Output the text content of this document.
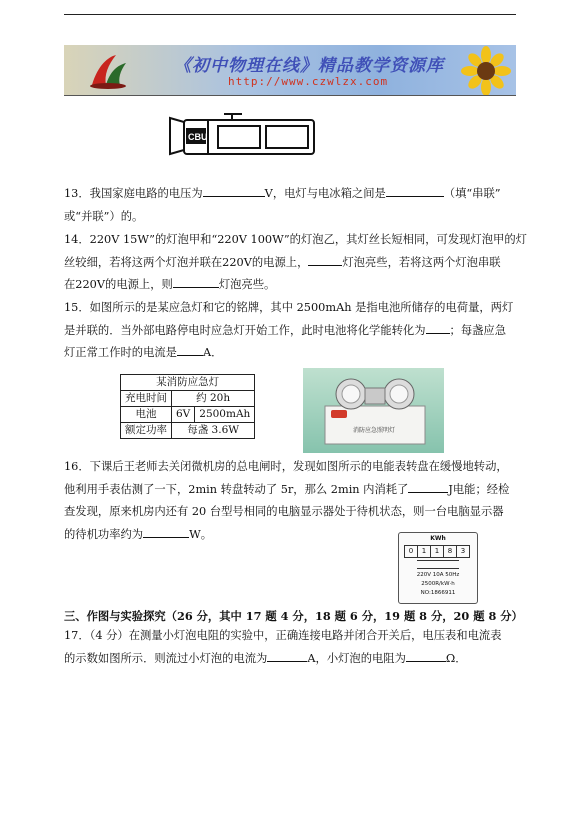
《初中物理在线》精品教学资源库
http://www.czwlzx.com
CBU
13．我国家庭电路的电压为	V，电灯与电冰箱之间是	（填“串联”
或“并联”）的。
14．220V 15W”的灯泡甲和“220V 100W”的灯泡乙，其灯丝长短相同，可发现灯泡甲的灯
丝较细，若将这两个灯泡并联在220V的电源上，	灯泡亮些，若将这两个灯泡串联
在220V的电源上，则	灯泡亮些。
15．如图所示的是某应急灯和它的铭牌，其中 2500mAh 是指电池所储存的电荷量，两灯
是并联的．当外部电路停电时应急灯开始工作，此时电池将化学能转化为 ；每盏应急
灯正常工作时的电流是 A．
某消防应急灯		
充电时间	约 20h	
电池	6V	2500mAh
额定功率	每盏 3.6W		消防应急照明灯
16．下课后王老师去关闭微机房的总电闸时，发现如图所示的电能表转盘在缓慢地转动，
他利用手表估测了一下，2min 转盘转动了 5r，那么 2min 内消耗了	J电能；经检
查发现，原来机房内还有 20 台型号相同的电脑显示器处于待机状态，则一台电脑显示器
的待机功率约为	W。	KWh
0	1	1	8	3
220V 10A 50Hz
2500R/kW·h
NO:1866911
三、作图与实验探究（26 分，其中 17 题 4 分，18 题 6 分，19 题 8 分，20 题 8 分）
17．（4 分）在测量小灯泡电阻的实验中，正确连接电路并闭合开关后，电压表和电流表
的示数如图所示．则流过小灯泡的电流为	A，小灯泡的电阻为	Ω．
